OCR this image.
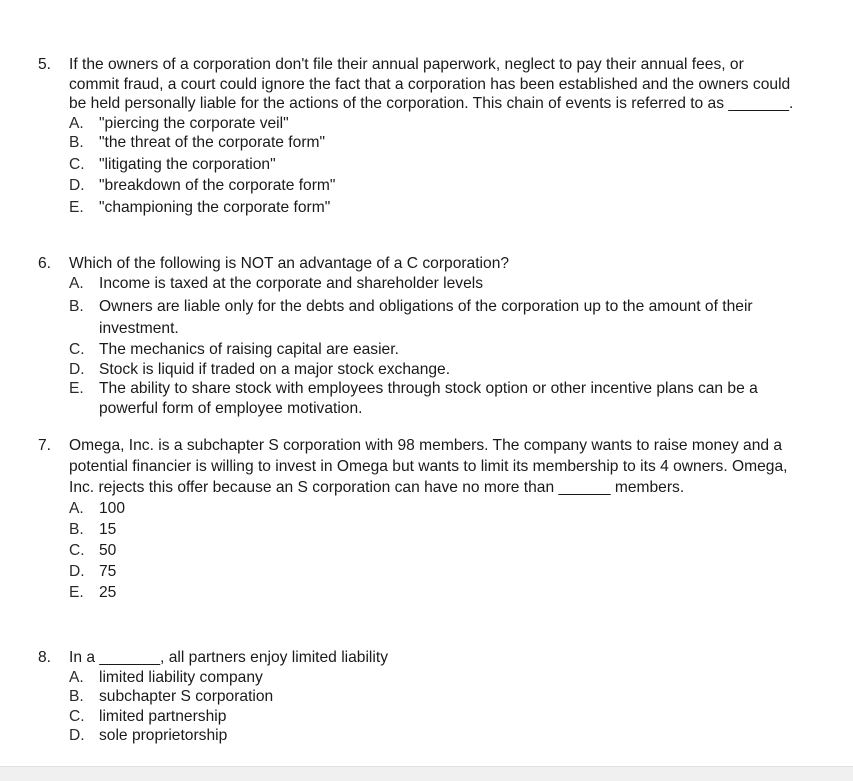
5.	If the owners of a corporation don't file their annual paperwork, neglect to pay their annual fees, or commit fraud, a court could ignore the fact that a corporation has been established and the owners could be held personally liable for the actions of the corporation. This chain of events is referred to as _______.
A. "piercing the corporate veil"
B. "the threat of the corporate form"
C. "litigating the corporation"
D. "breakdown of the corporate form"
E. "championing the corporate form"
6.	Which of the following is NOT an advantage of a C corporation?
A. Income is taxed at the corporate and shareholder levels
B. Owners are liable only for the debts and obligations of the corporation up to the amount of their investment.
C. The mechanics of raising capital are easier.
D. Stock is liquid if traded on a major stock exchange.
E. The ability to share stock with employees through stock option or other incentive plans can be a powerful form of employee motivation.
7.	Omega, Inc. is a subchapter S corporation with 98 members. The company wants to raise money and a potential financier is willing to invest in Omega but wants to limit its membership to its 4 owners. Omega, Inc. rejects this offer because an S corporation can have no more than ______ members.
A. 100
B. 15
C. 50
D. 75
E. 25
8.	In a _______, all partners enjoy limited liability
A. limited liability company
B. subchapter S corporation
C. limited partnership
D. sole proprietorship
